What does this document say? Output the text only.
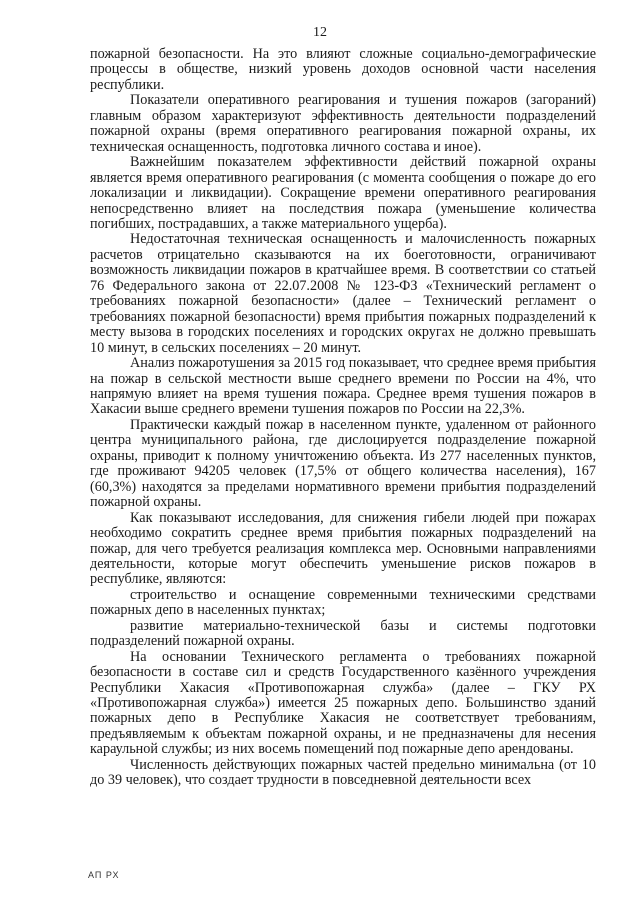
12

пожарной безопасности. На это влияют сложные социально-демографические процессы в обществе, низкий уровень доходов основной части населения республики.

Показатели оперативного реагирования и тушения пожаров (загораний) главным образом характеризуют эффективность деятельности подразделений пожарной охраны (время оперативного реагирования пожарной охраны, их техническая оснащенность, подготовка личного состава и иное).

Важнейшим показателем эффективности действий пожарной охраны является время оперативного реагирования (с момента сообщения о пожаре до его локализации и ликвидации). Сокращение времени оперативного реагирования непосредственно влияет на последствия пожара (уменьшение количества погибших, пострадавших, а также материального ущерба).

Недостаточная техническая оснащенность и малочисленность пожарных расчетов отрицательно сказываются на их боеготовности, ограничивают возможность ликвидации пожаров в кратчайшее время. В соответствии со статьей 76 Федерального закона от 22.07.2008 № 123-ФЗ «Технический регламент о требованиях пожарной безопасности» (далее – Технический регламент о требованиях пожарной безопасности) время прибытия пожарных подразделений к месту вызова в городских поселениях и городских округах не должно превышать 10 минут, в сельских поселениях – 20 минут.

Анализ пожаротушения за 2015 год показывает, что среднее время прибытия на пожар в сельской местности выше среднего времени по России на 4%, что напрямую влияет на время тушения пожара. Среднее время тушения пожаров в Хакасии выше среднего времени тушения пожаров по России на 22,3%.

Практически каждый пожар в населенном пункте, удаленном от районного центра муниципального района, где дислоцируется подразделение пожарной охраны, приводит к полному уничтожению объекта. Из 277 населенных пунктов, где проживают 94205 человек (17,5% от общего количества населения), 167 (60,3%) находятся за пределами нормативного времени прибытия подразделений пожарной охраны.

Как показывают исследования, для снижения гибели людей при пожарах необходимо сократить среднее время прибытия пожарных подразделений на пожар, для чего требуется реализация комплекса мер. Основными направлениями деятельности, которые могут обеспечить уменьшение рисков пожаров в республике, являются:

строительство и оснащение современными техническими средствами пожарных депо в населенных пунктах;

развитие материально-технической базы и системы подготовки подразделений пожарной охраны.

На основании Технического регламента о требованиях пожарной безопасности в составе сил и средств Государственного казённого учреждения Республики Хакасия «Противопожарная служба» (далее – ГКУ РХ «Противопожарная служба») имеется 25 пожарных депо. Большинство зданий пожарных депо в Республике Хакасия не соответствует требованиям, предъявляемым к объектам пожарной охраны, и не предназначены для несения караульной службы; из них восемь помещений под пожарные депо арендованы.

Численность действующих пожарных частей предельно минимальна (от 10 до 39 человек), что создает трудности в повседневной деятельности всех

АП РХ
